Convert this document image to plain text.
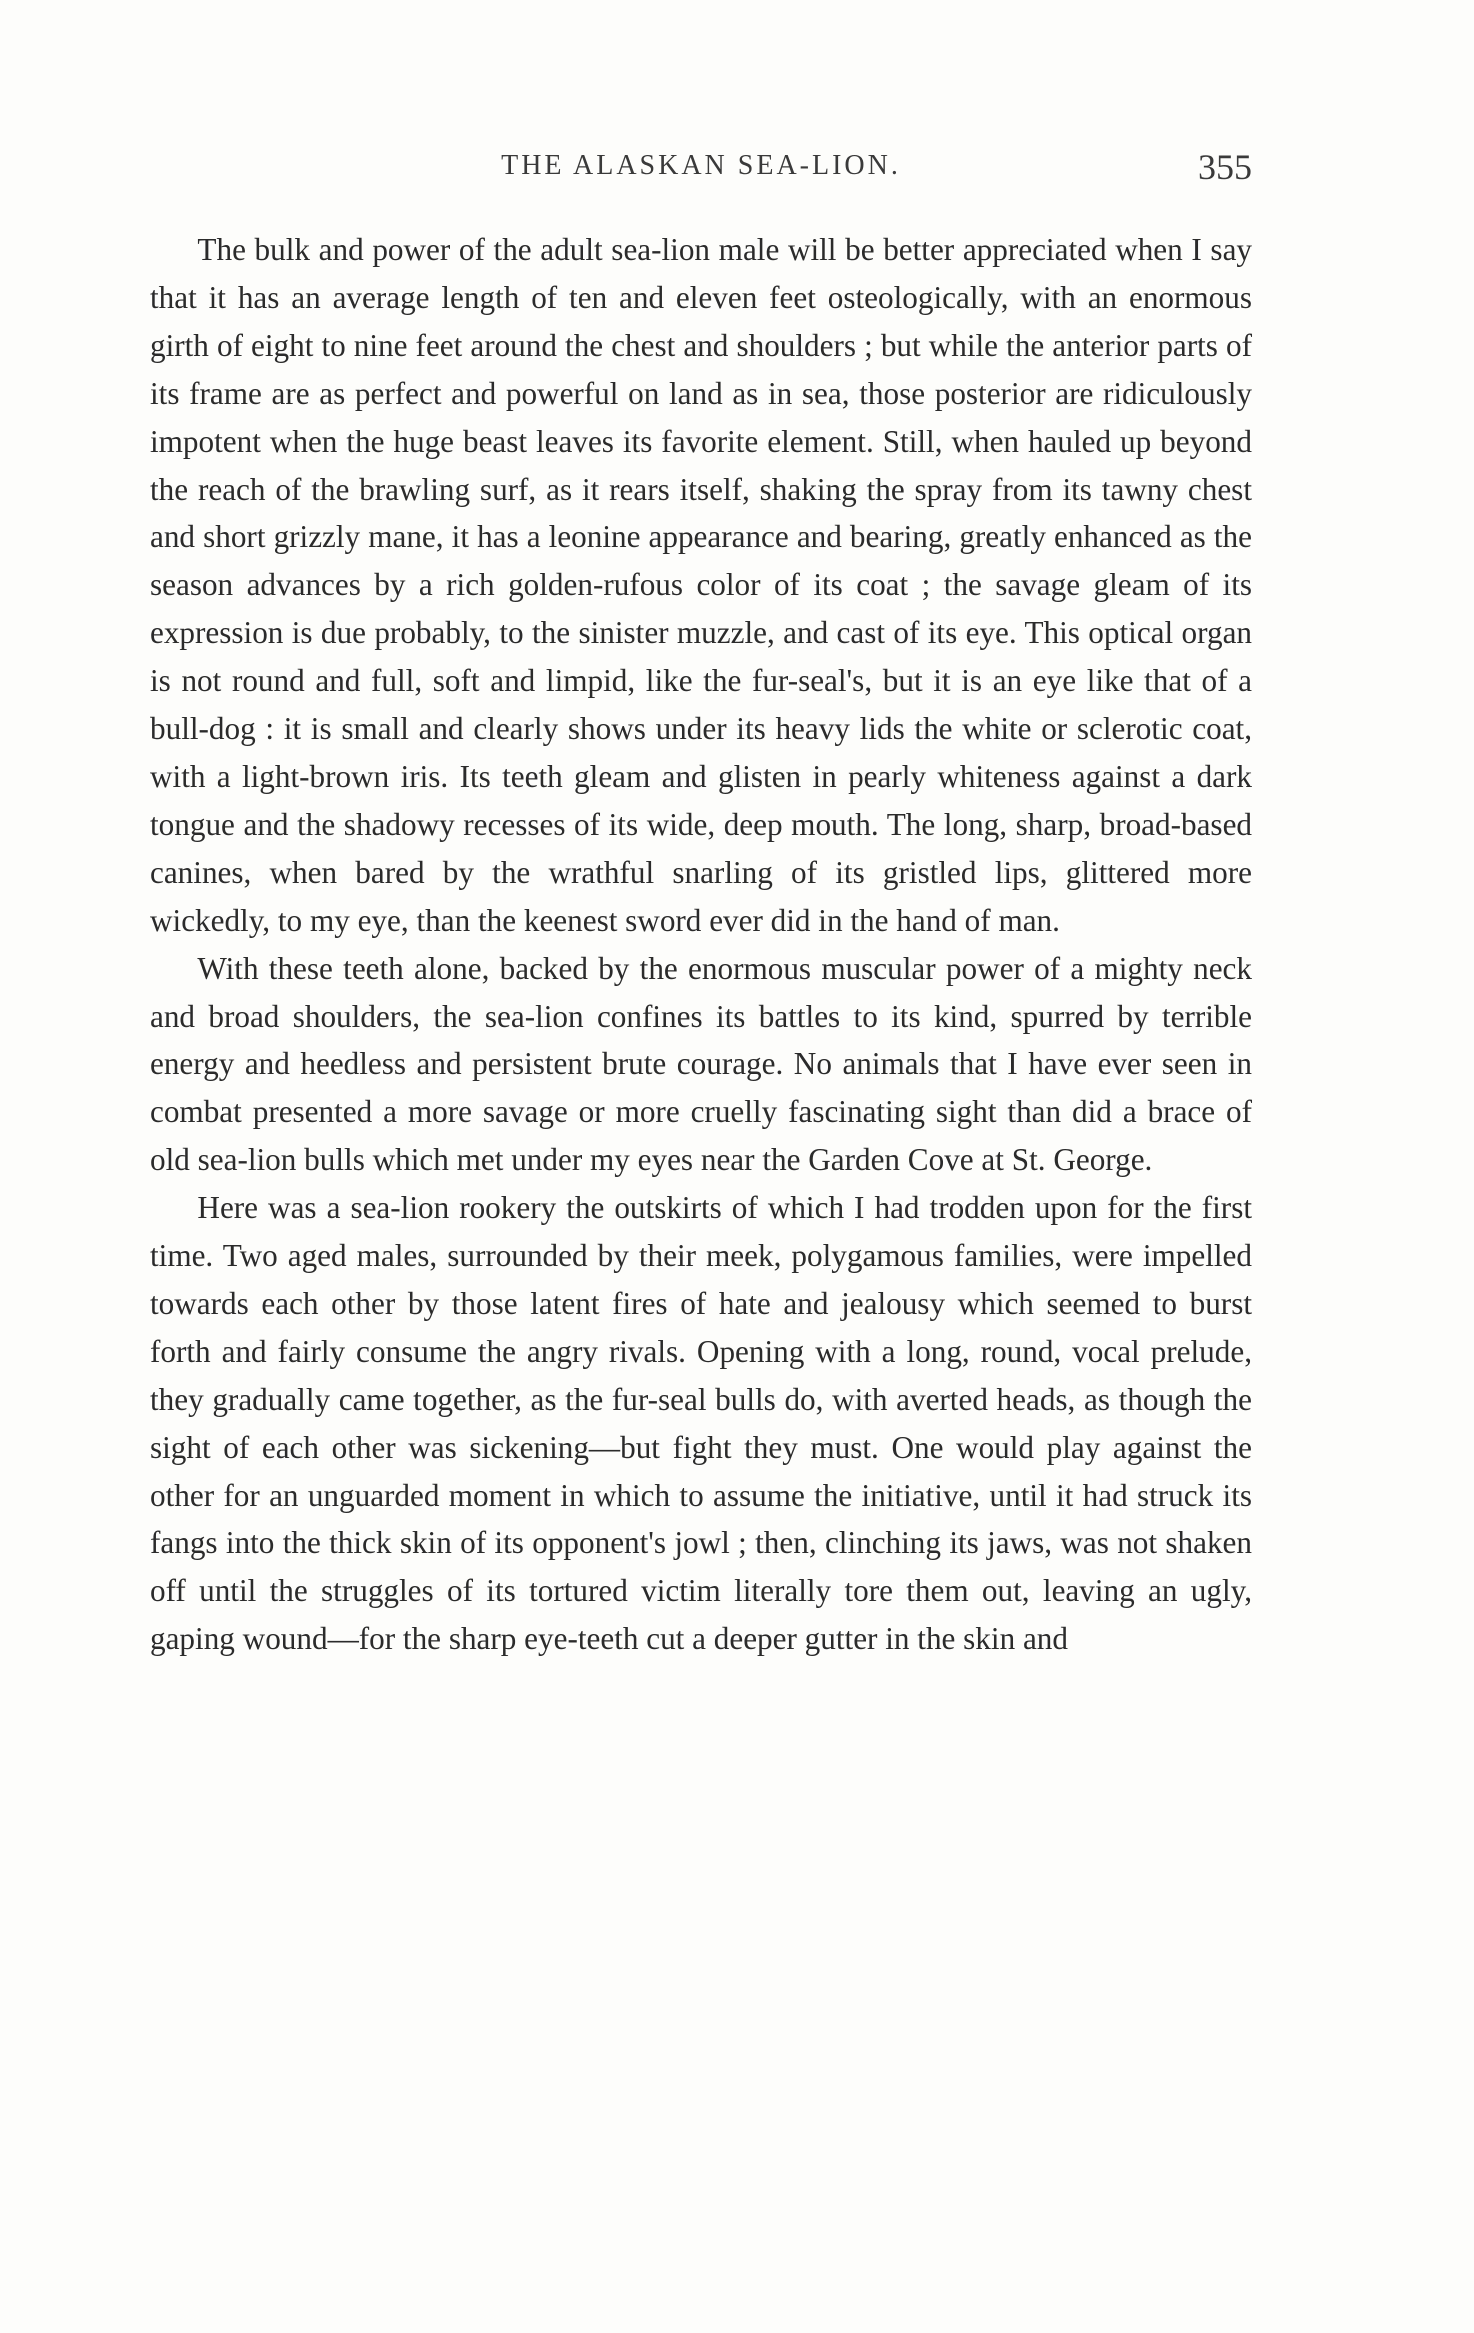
THE ALASKAN SEA-LION.	355

The bulk and power of the adult sea-lion male will be better appreciated when I say that it has an average length of ten and eleven feet osteologically, with an enormous girth of eight to nine feet around the chest and shoulders ; but while the anterior parts of its frame are as perfect and powerful on land as in sea, those posterior are ridiculously impotent when the huge beast leaves its favorite element. Still, when hauled up beyond the reach of the brawling surf, as it rears itself, shaking the spray from its tawny chest and short grizzly mane, it has a leonine appearance and bearing, greatly enhanced as the season advances by a rich golden-rufous color of its coat ; the savage gleam of its expression is due probably, to the sinister muzzle, and cast of its eye. This optical organ is not round and full, soft and limpid, like the fur-seal's, but it is an eye like that of a bull-dog : it is small and clearly shows under its heavy lids the white or sclerotic coat, with a light-brown iris. Its teeth gleam and glisten in pearly whiteness against a dark tongue and the shadowy recesses of its wide, deep mouth. The long, sharp, broad-based canines, when bared by the wrathful snarling of its gristled lips, glittered more wickedly, to my eye, than the keenest sword ever did in the hand of man.

With these teeth alone, backed by the enormous muscular power of a mighty neck and broad shoulders, the sea-lion confines its battles to its kind, spurred by terrible energy and heedless and persistent brute courage. No animals that I have ever seen in combat presented a more savage or more cruelly fascinating sight than did a brace of old sea-lion bulls which met under my eyes near the Garden Cove at St. George.

Here was a sea-lion rookery the outskirts of which I had trodden upon for the first time. Two aged males, surrounded by their meek, polygamous families, were impelled towards each other by those latent fires of hate and jealousy which seemed to burst forth and fairly consume the angry rivals. Opening with a long, round, vocal prelude, they gradually came together, as the fur-seal bulls do, with averted heads, as though the sight of each other was sickening—but fight they must. One would play against the other for an unguarded moment in which to assume the initiative, until it had struck its fangs into the thick skin of its opponent's jowl ; then, clinching its jaws, was not shaken off until the struggles of its tortured victim literally tore them out, leaving an ugly, gaping wound—for the sharp eye-teeth cut a deeper gutter in the skin and
